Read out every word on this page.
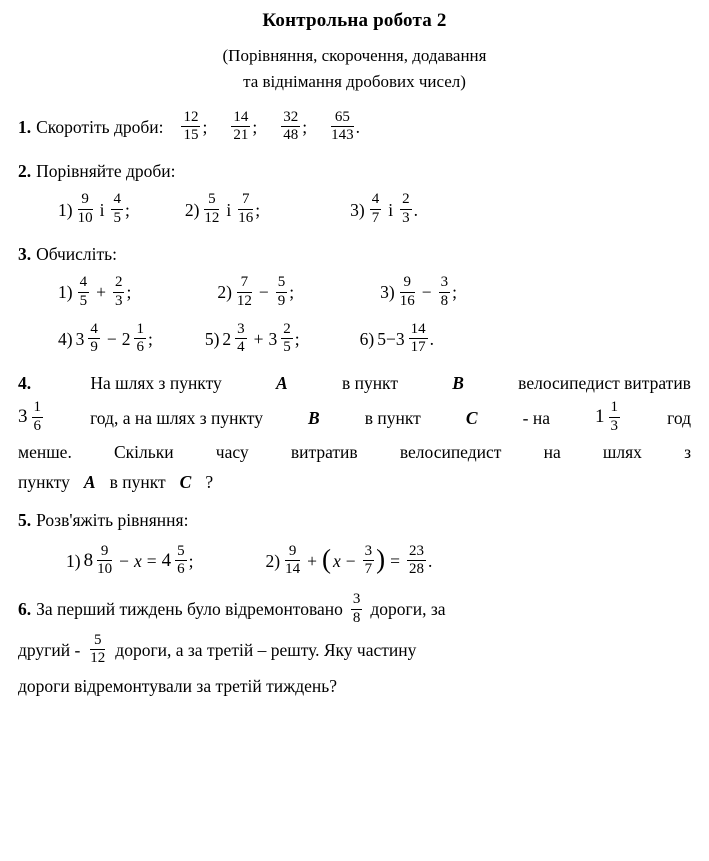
Контрольна робота 2
(Порівняння, скорочення, додавання
та віднімання дробових чисел)
1. Скоротіть дроби: $\frac{12}{15}$ ; $\frac{14}{21}$ ; $\frac{32}{48}$ ; $\frac{65}{143}$ .
2. Порівняйте дроби:
$1) \frac{9}{10}$ і $\frac{4}{5}$ ;	$2) \frac{5}{12}$ і $\frac{7}{16}$ ;	$3) \frac{4}{7}$ і $\frac{2}{3}$ .
3. Обчисліть:
$1) \frac{4}{5} + \frac{2}{3}$ ;	$2) \frac{7}{12} - \frac{5}{9}$ ;	$3) \frac{9}{16} - \frac{3}{8}$ ;
4) $3 \frac{4}{9} - 2 \frac{1}{6}$ ;	5) $2 \frac{3}{4} + 3 \frac{2}{5}$ ;	6) $5 - 3 \frac{14}{17}$ .
4.	На шлях з пункту	А	в пункт	В	велосипедист витратив
$3 \frac{1}{6}$	год, а на шлях з пункту	В	в пункт	С	- на $1 \frac{1}{3}$	год
менше. Скільки часу витратив велосипедист на шлях з
пункту А в пункт С ?
5. Розв'яжіть рівняння:
1) $8 \frac{9}{10} - x = 4 \frac{5}{6}$ ;	$2) \frac{9}{14}$ + ( $x - \frac{3}{7}$ ) = $\frac{23}{28}$ .
6. За перший тиждень було відремонтовано $\frac{3}{8}$ дороги, за
другий - $\frac{5}{12}$ дороги, а за третій – решту. Яку частину
дороги відремонтували за третій тиждень?
